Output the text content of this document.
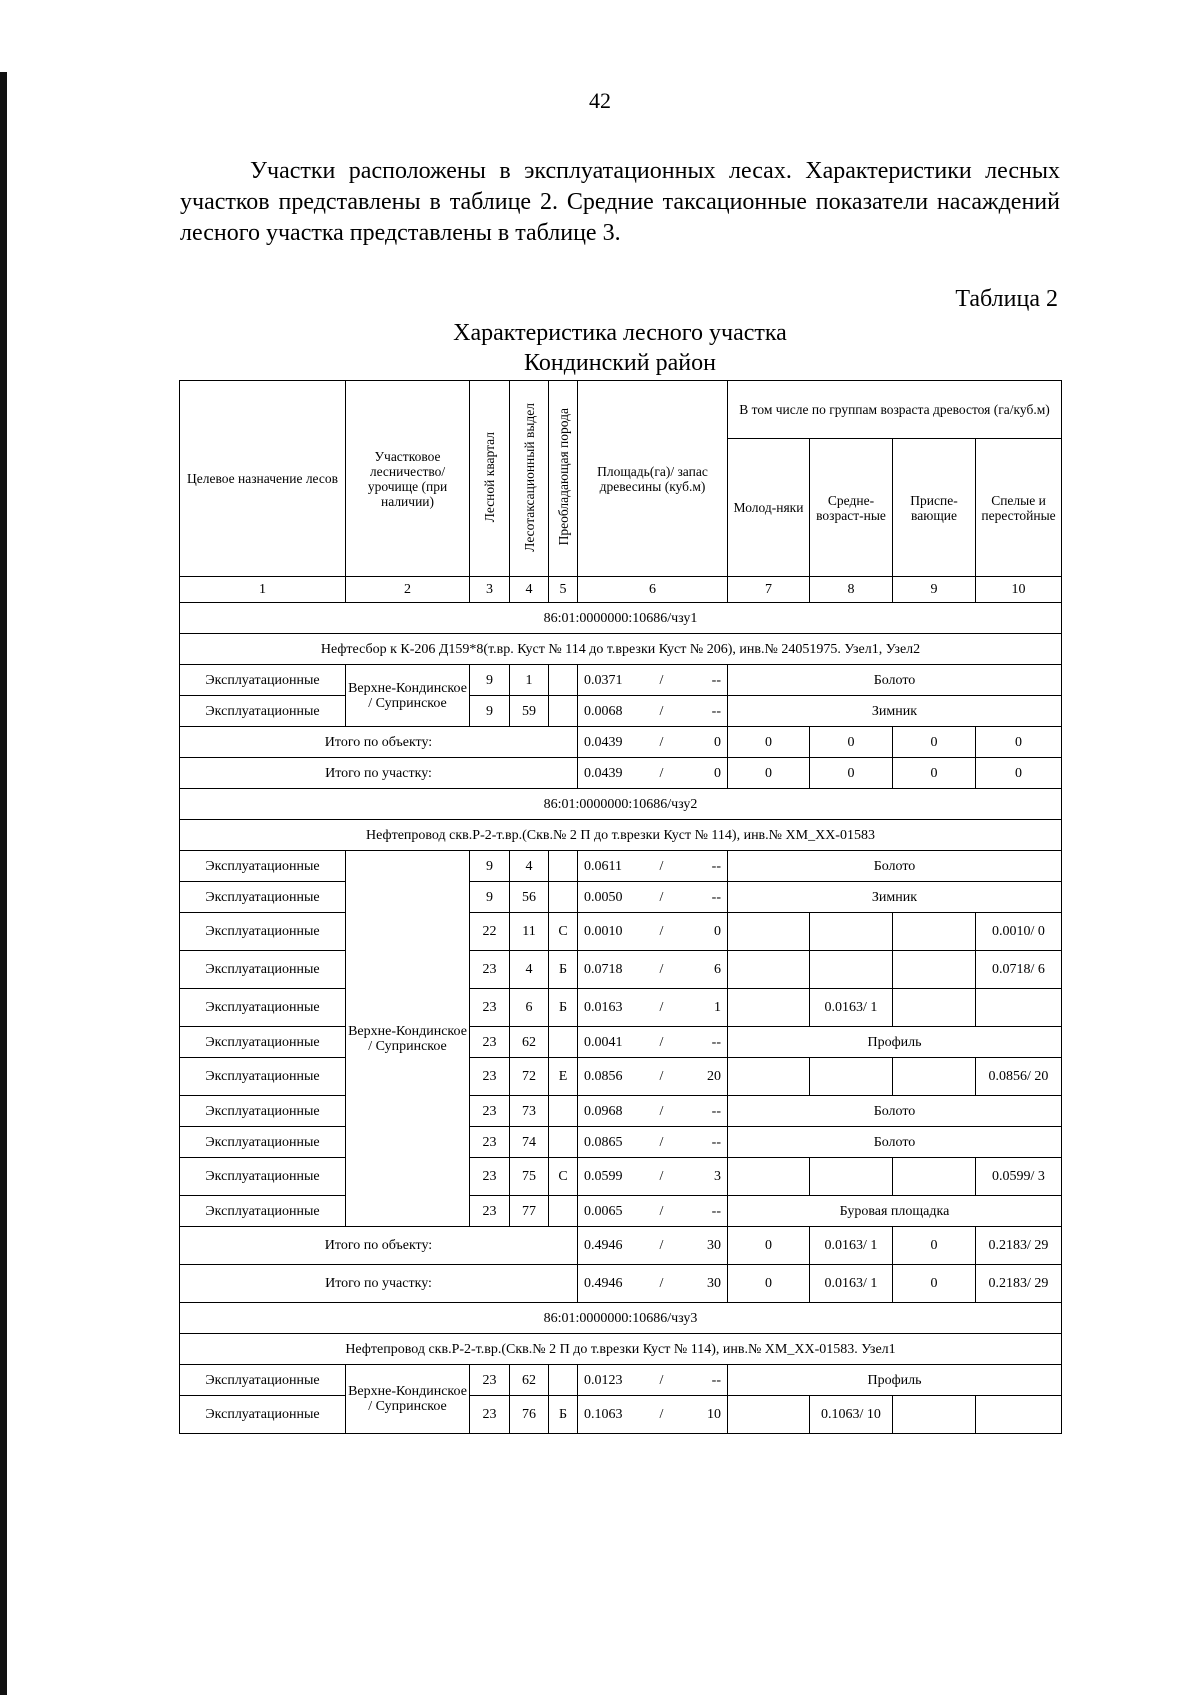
42
Участки расположены в эксплуатационных лесах. Характеристики лесных участков представлены в таблице 2. Средние таксационные показатели насаждений лесного участка представлены в таблице 3.
Таблица 2
Характеристика лесного участка
Кондинский район
Целевое назначение лесов	Участковое лесничество/ урочище (при наличии)	Лесной квартал	Лесотаксационный выдел	Преобладающая порода	Площадь(га)/ запас древесины (куб.м)	В том числе по группам возраста древостоя (га/куб.м)			
						Молод-няки	Средне-возраст-ные	Приспе-вающие	Спелые и перестойные
1	2	3	4	5	6	7	8	9	10
86:01:0000000:10686/чзу1									
Нефтесбор к К-206 Д159*8(т.вр. Куст № 114 до т.врезки Куст № 206), инв.№ 24051975. Узел1, Узел2									
Эксплуатационные	Верхне-Кондинское / Супринское	9	1		0.0371 / --	Болото			
Эксплуатационные		9	59		0.0068 / --	Зимник			
Итого по объекту:					0.0439 / 0	0	0	0	0
Итого по участку:					0.0439 / 0	0	0	0	0
86:01:0000000:10686/чзу2									
Нефтепровод скв.Р-2-т.вр.(Скв.№ 2 П до т.врезки Куст № 114), инв.№ ХМ_ХХ-01583									
Эксплуатационные	Верхне-Кондинское / Супринское	9	4		0.0611 / --	Болото			
Эксплуатационные		9	56		0.0050 / --	Зимник			
Эксплуатационные		22	11	С	0.0010 / 0				0.0010/ 0
Эксплуатационные		23	4	Б	0.0718 / 6				0.0718/ 6
Эксплуатационные		23	6	Б	0.0163 / 1		0.0163/ 1		
Эксплуатационные		23	62		0.0041 / --	Профиль			
Эксплуатационные		23	72	Е	0.0856 / 20				0.0856/ 20
Эксплуатационные		23	73		0.0968 / --	Болото			
Эксплуатационные		23	74		0.0865 / --	Болото			
Эксплуатационные		23	75	С	0.0599 / 3				0.0599/ 3
Эксплуатационные		23	77		0.0065 / --	Буровая площадка			
Итого по объекту:					0.4946 / 30	0	0.0163/ 1	0	0.2183/ 29
Итого по участку:					0.4946 / 30	0	0.0163/ 1	0	0.2183/ 29
86:01:0000000:10686/чзу3									
Нефтепровод скв.Р-2-т.вр.(Скв.№ 2 П до т.врезки Куст № 114), инв.№ ХМ_ХХ-01583. Узел1									
Эксплуатационные	Верхне-Кондинское / Супринское	23	62		0.0123 / --	Профиль			
Эксплуатационные		23	76	Б	0.1063 / 10		0.1063/ 10		
